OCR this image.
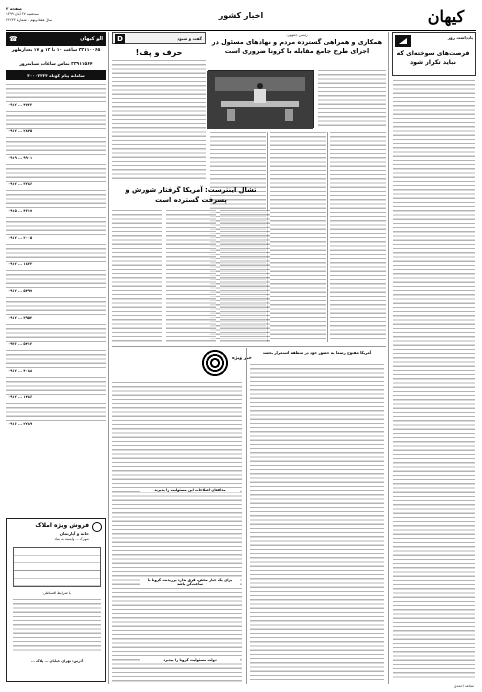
کیهان
اخبار کشور
صفحه ۲
سه‌شنبه ۲۷ آبان ۱۳۹۹
سال هفتادونهم - شماره ۲۲۶۴۳
یادداشت روز
فرصت‌های سوخته‌ای که نباید تکرار شود
رئیس جمهور:
همکاری و همراهی گسترده مردم و نهادهای مسئول در اجرای طرح جامع مقابله با کرونا ضروری است
گفت و شنود
D
حرف و پف!
تشال اینترست: آمریکا گرفتار شورش و پسرفت گسترده است
خبر ویژه
مدافعان اصلاحات این مسئولیت را پذیرند
برای یک جبار محض، فرق ندارد پرزیدنت کرونا یا ساعت‌کن باشد
دولت مسئولیت کرونا را بپذیرد
آمریکا مفتوح رسما به حضور خود در منطقه استمرار بخشد
الو کیهان
☎
۳۳۱۱۰۰۶۵ ساعت ۱۰ تا ۱۲ و ۱۷ بعدازظهر
۳۳۹۱۱۵۶۴ تماس ساعات شبانه‌روز
سامانه پیام کوتاه ۳۰۰۰۲۳۲۳
۰۹۱۲ ... ۴۷۲۳
۰۹۱۲ ... ۲۸۴۵
۰۹۱۹ ... ۹۹۰۱
۰۹۱۲ ... ۳۲۸۶
۰۹۱۵ ... ۴۳۱۷
۰۹۱۲ ... ۲۰۰۵
۰۹۱۲ ... ۱۸۳۳
۰۹۱۲ ... ۵۴۹۷
۰۹۱۲ ... ۳۹۵۳
۰۹۳۶ ... ۵۴۱۲
۰۹۱۲ ... ۴۰۸۸
۰۹۱۲ ... ۱۴۸۶
۰۹۱۶ ... ۲۲۸۹
فروش ویژه املاک
خانه و آپارتمان
شهرک ... وابسته به بنیاد
با شرایط اقساطی
آدرس: تهران خیابان ... پلاک ...
مجاهد احمدی
